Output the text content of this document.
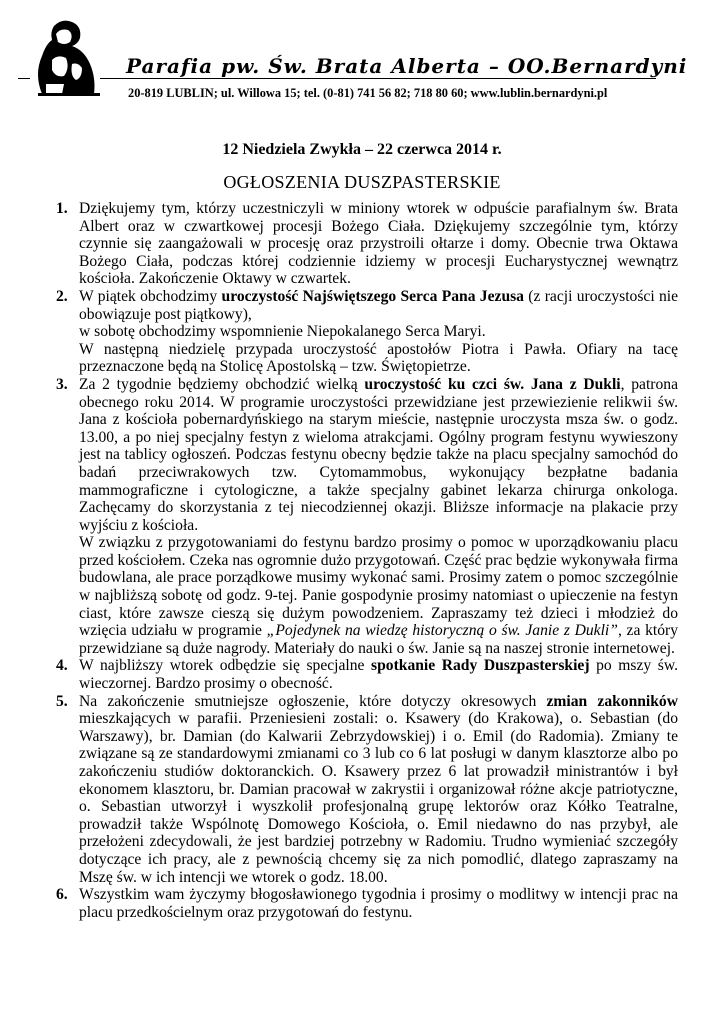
Parafia pw. Św. Brata Alberta – OO.Bernardyni
20-819 LUBLIN; ul. Willowa 15; tel. (0-81) 741 56 82; 718 80 60; www.lublin.bernardyni.pl
12 Niedziela Zwykła – 22 czerwca 2014 r.
OGŁOSZENIA DUSZPASTERSKIE
1. Dziękujemy tym, którzy uczestniczyli w miniony wtorek w odpuście parafialnym św. Brata Albert oraz w czwartkowej procesji Bożego Ciała. Dziękujemy szczególnie tym, którzy czynnie się zaangażowali w procesję oraz przystroili ołtarze i domy. Obecnie trwa Oktawa Bożego Ciała, podczas której codziennie idziemy w procesji Eucharystycznej wewnątrz kościoła. Zakończenie Oktawy w czwartek.

2. W piątek obchodzimy uroczystość Najświętszego Serca Pana Jezusa (z racji uroczystości nie obowiązuje post piątkowy),

w sobotę obchodzimy wspomnienie Niepokalanego Serca Maryi.

W następną niedzielę przypada uroczystość apostołów Piotra i Pawła. Ofiary na tacę przeznaczone będą na Stolicę Apostolską – tzw. Świętopietrze.

3. Za 2 tygodnie będziemy obchodzić wielką uroczystość ku czci św. Jana z Dukli, patrona obecnego roku 2014. W programie uroczystości przewidziane jest przewiezienie relikwii św. Jana z kościoła pobernardyńskiego na starym mieście, następnie uroczysta msza św. o godz. 13.00, a po niej specjalny festyn z wieloma atrakcjami. Ogólny program festynu wywieszony jest na tablicy ogłoszeń. Podczas festynu obecny będzie także na placu specjalny samochód do badań przeciwrakowych tzw. Cytomammobus, wykonujący bezpłatne badania mammograficzne i cytologiczne, a także specjalny gabinet lekarza chirurga onkologa. Zachęcamy do skorzystania z tej niecodziennej okazji. Bliższe informacje na plakacie przy wyjściu z kościoła.

W związku z przygotowaniami do festynu bardzo prosimy o pomoc w uporządkowaniu placu przed kościołem. Czeka nas ogromnie dużo przygotowań. Część prac będzie wykonywała firma budowlana, ale prace porządkowe musimy wykonać sami. Prosimy zatem o pomoc szczególnie w najbliższą sobotę od godz. 9-tej. Panie gospodynie prosimy natomiast o upieczenie na festyn ciast, które zawsze cieszą się dużym powodzeniem. Zapraszamy też dzieci i młodzież do wzięcia udziału w programie „Pojedynek na wiedzę historyczną o św. Janie z Dukli”, za który przewidziane są duże nagrody. Materiały do nauki o św. Janie są na naszej stronie internetowej.

4. W najbliższy wtorek odbędzie się specjalne spotkanie Rady Duszpasterskiej po mszy św. wieczornej. Bardzo prosimy o obecność.

5. Na zakończenie smutniejsze ogłoszenie, które dotyczy okresowych zmian zakonników mieszkających w parafii. Przeniesieni zostali: o. Ksawery (do Krakowa), o. Sebastian (do Warszawy), br. Damian (do Kalwarii Zebrzydowskiej) i o. Emil (do Radomia). Zmiany te związane są ze standardowymi zmianami co 3 lub co 6 lat posługi w danym klasztorze albo po zakończeniu studiów doktoranckich. O. Ksawery przez 6 lat prowadził ministrantów i był ekonomem klasztoru, br. Damian pracował w zakrystii i organizował różne akcje patriotyczne, o. Sebastian utworzył i wyszkolił profesjonalną grupę lektorów oraz Kółko Teatralne, prowadził także Wspólnotę Domowego Kościoła, o. Emil niedawno do nas przybył, ale przełożeni zdecydowali, że jest bardziej potrzebny w Radomiu. Trudno wymieniać szczegóły dotyczące ich pracy, ale z pewnością chcemy się za nich pomodlić, dlatego zapraszamy na Mszę św. w ich intencji we wtorek o godz. 18.00.

6. Wszystkim wam życzymy błogosławionego tygodnia i prosimy o modlitwy w intencji prac na placu przedkościelnym oraz przygotowań do festynu.
